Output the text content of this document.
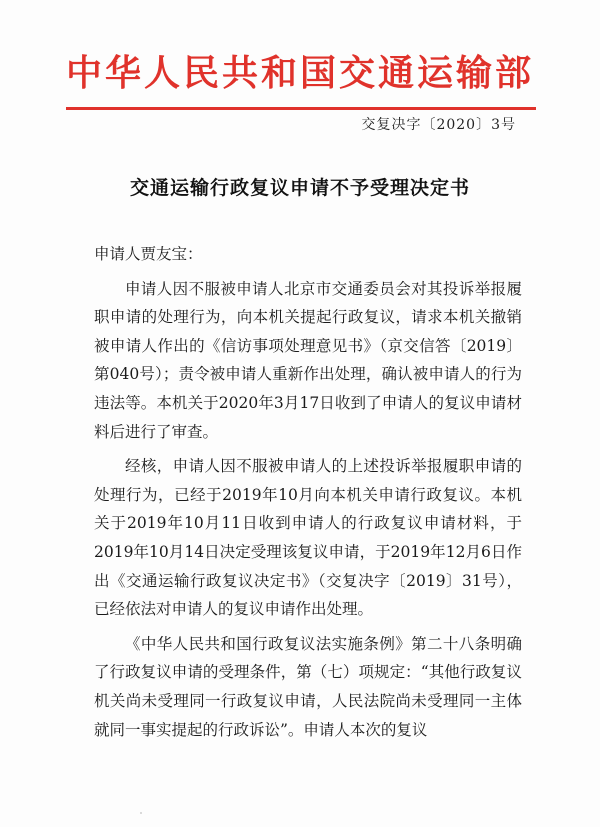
中华人民共和国交通运输部
交复决字〔2020〕3号
交通运输行政复议申请不予受理决定书

申请人贾友宝：

申请人因不服被申请人北京市交通委员会对其投诉举报履职申请的处理行为，向本机关提起行政复议，请求本机关撤销被申请人作出的《信访事项处理意见书》（京交信答〔2019〕第040号）；责令被申请人重新作出处理，确认被申请人的行为违法等。本机关于2020年3月17日收到了申请人的复议申请材料后进行了审查。

经核，申请人因不服被申请人的上述投诉举报履职申请的处理行为，已经于2019年10月向本机关申请行政复议。本机关于2019年10月11日收到申请人的行政复议申请材料，于2019年10月14日决定受理该复议申请，于2019年12月6日作出《交通运输行政复议决定书》（交复决字〔2019〕31号），已经依法对申请人的复议申请作出处理。

《中华人民共和国行政复议法实施条例》第二十八条明确了行政复议申请的受理条件，第（七）项规定：“其他行政复议机关尚未受理同一行政复议申请，人民法院尚未受理同一主体就同一事实提起的行政诉讼”。申请人本次的复议
